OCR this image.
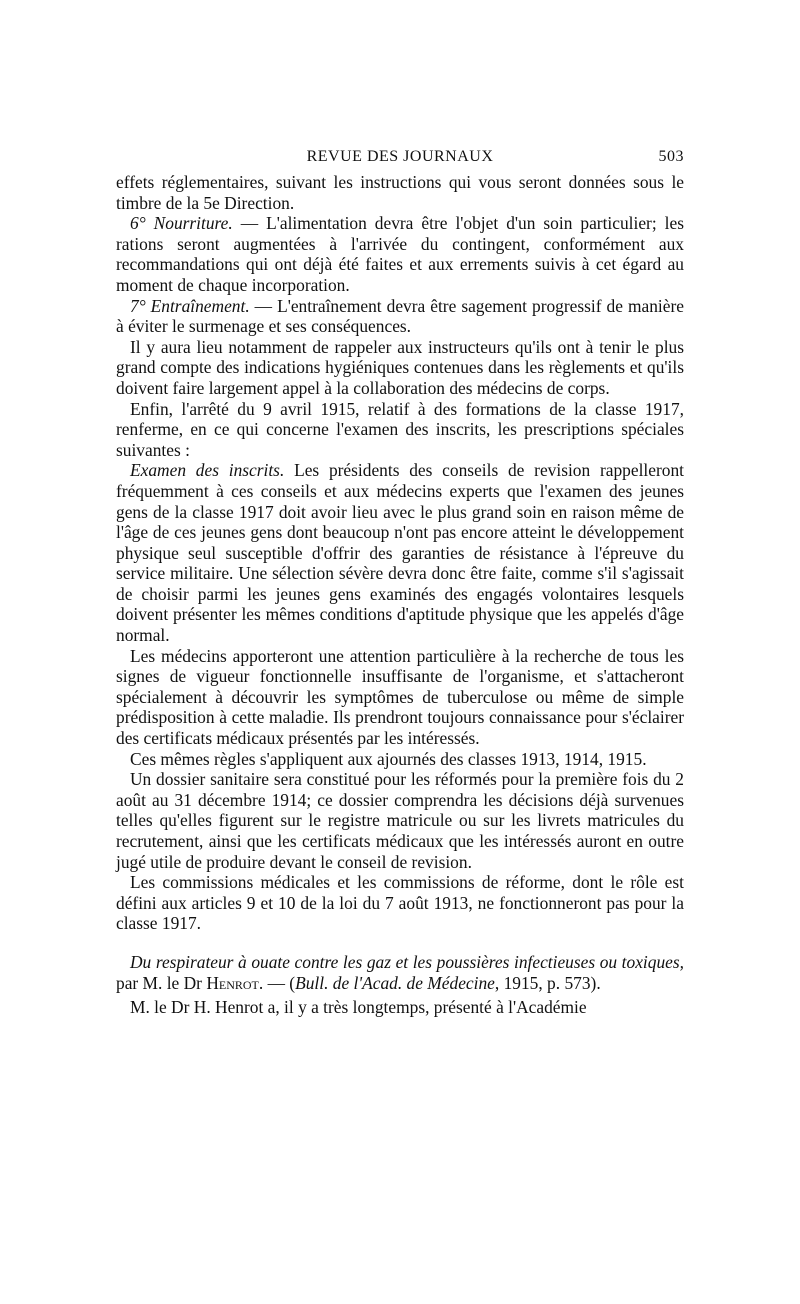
REVUE DES JOURNAUX	503

effets réglementaires, suivant les instructions qui vous seront données sous le timbre de la 5e Direction.

6° Nourriture. — L'alimentation devra être l'objet d'un soin particulier; les rations seront augmentées à l'arrivée du contingent, conformément aux recommandations qui ont déjà été faites et aux errements suivis à cet égard au moment de chaque incorporation.

7° Entraînement. — L'entraînement devra être sagement progressif de manière à éviter le surmenage et ses conséquences.

Il y aura lieu notamment de rappeler aux instructeurs qu'ils ont à tenir le plus grand compte des indications hygiéniques contenues dans les règlements et qu'ils doivent faire largement appel à la collaboration des médecins de corps.

Enfin, l'arrêté du 9 avril 1915, relatif à des formations de la classe 1917, renferme, en ce qui concerne l'examen des inscrits, les prescriptions spéciales suivantes :

Examen des inscrits. Les présidents des conseils de revision rappelleront fréquemment à ces conseils et aux médecins experts que l'examen des jeunes gens de la classe 1917 doit avoir lieu avec le plus grand soin en raison même de l'âge de ces jeunes gens dont beaucoup n'ont pas encore atteint le développement physique seul susceptible d'offrir des garanties de résistance à l'épreuve du service militaire. Une sélection sévère devra donc être faite, comme s'il s'agissait de choisir parmi les jeunes gens examinés des engagés volontaires lesquels doivent présenter les mêmes conditions d'aptitude physique que les appelés d'âge normal.

Les médecins apporteront une attention particulière à la recherche de tous les signes de vigueur fonctionnelle insuffisante de l'organisme, et s'attacheront spécialement à découvrir les symptômes de tuberculose ou même de simple prédisposition à cette maladie. Ils prendront toujours connaissance pour s'éclairer des certificats médicaux présentés par les intéressés.

Ces mêmes règles s'appliquent aux ajournés des classes 1913, 1914, 1915.

Un dossier sanitaire sera constitué pour les réformés pour la première fois du 2 août au 31 décembre 1914; ce dossier comprendra les décisions déjà survenues telles qu'elles figurent sur le registre matricule ou sur les livrets matricules du recrutement, ainsi que les certificats médicaux que les intéressés auront en outre jugé utile de produire devant le conseil de revision.

Les commissions médicales et les commissions de réforme, dont le rôle est défini aux articles 9 et 10 de la loi du 7 août 1913, ne fonctionneront pas pour la classe 1917.

Du respirateur à ouate contre les gaz et les poussières infectieuses ou toxiques, par M. le Dr Henrot. — (Bull. de l'Acad. de Médecine, 1915, p. 573).

M. le Dr H. Henrot a, il y a très longtemps, présenté à l'Académie
